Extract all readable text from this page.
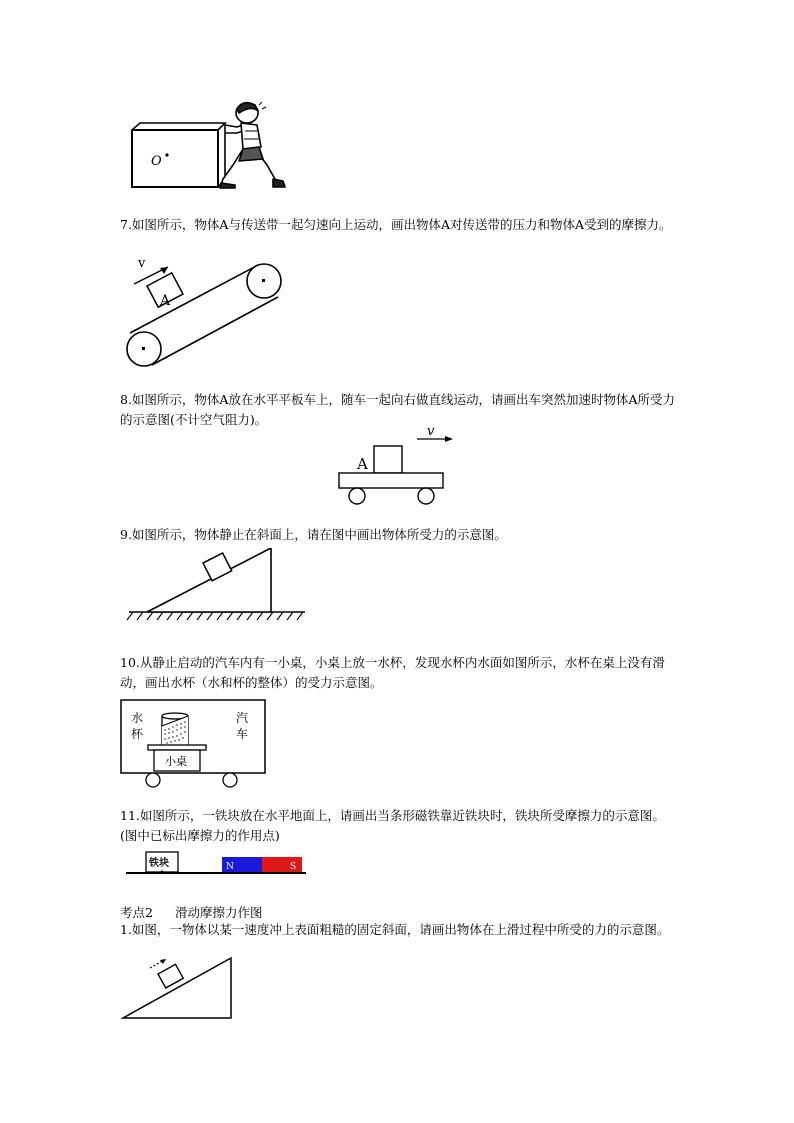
O

7.如图所示，物体A与传送带一起匀速向上运动，画出物体A对传送带的压力和物体A受到的摩擦力。

A
v

8.如图所示，物体A放在水平平板车上，随车一起向右做直线运动，请画出车突然加速时物体A所受力的示意图(不计空气阻力)。

v
A

9.如图所示，物体静止在斜面上，请在图中画出物体所受力的示意图。

10.从静止启动的汽车内有一小桌，小桌上放一水杯，发现水杯内水面如图所示，水杯在桌上没有滑动，画出水杯（水和杯的整体）的受力示意图。

水
杯
汽
车
小桌

11.如图所示，一铁块放在水平地面上，请画出当条形磁铁靠近铁块时，铁块所受摩擦力的示意图。(图中已标出摩擦力的作用点)

铁块	N	S
考点2 滑动摩擦力作图

1.如图，一物体以某一速度冲上表面粗糙的固定斜面，请画出物体在上滑过程中所受的力的示意图。
